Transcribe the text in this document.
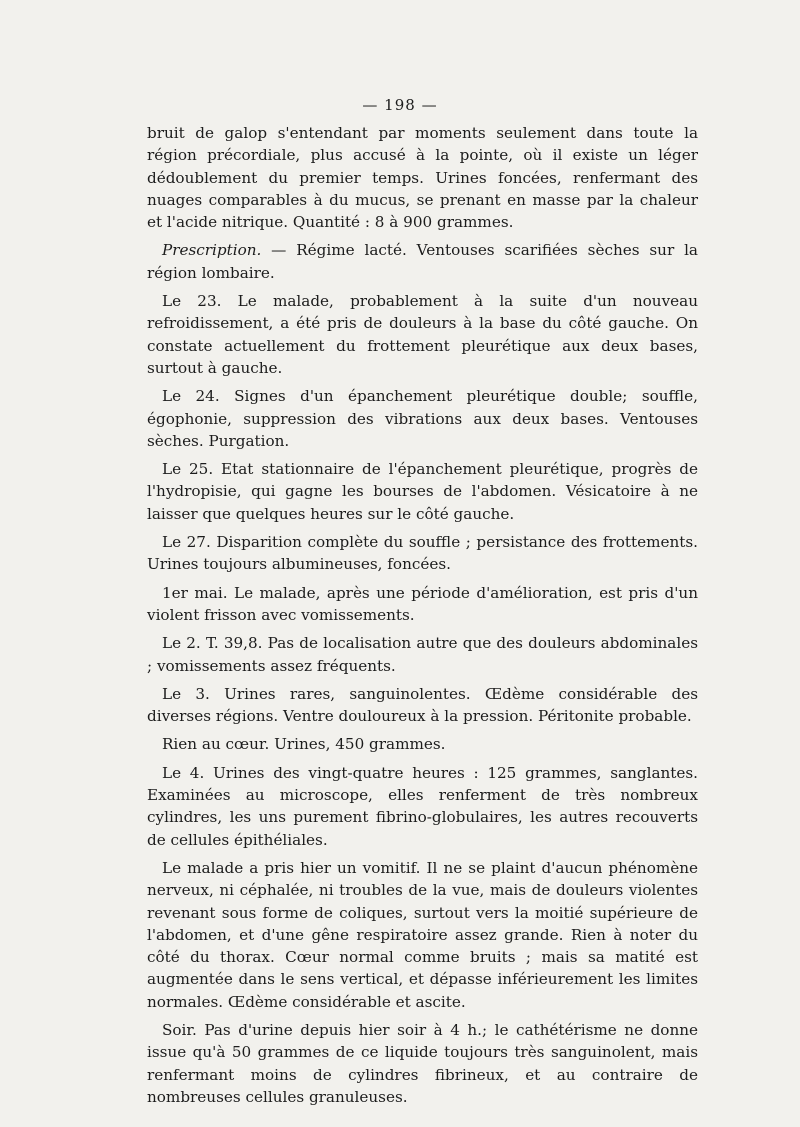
— 198 —

bruit de galop s'entendant par moments seulement dans toute la région précordiale, plus accusé à la pointe, où il existe un léger dédoublement du premier temps. Urines foncées, renfermant des nuages comparables à du mucus, se prenant en masse par la chaleur et l'acide nitrique. Quantité : 8 à 900 grammes.

Prescription. — Régime lacté. Ventouses scarifiées sèches sur la région lombaire.

Le 23. Le malade, probablement à la suite d'un nouveau refroidissement, a été pris de douleurs à la base du côté gauche. On constate actuellement du frottement pleurétique aux deux bases, surtout à gauche.

Le 24. Signes d'un épanchement pleurétique double; souffle, égophonie, suppression des vibrations aux deux bases. Ventouses sèches. Purgation.

Le 25. Etat stationnaire de l'épanchement pleurétique, progrès de l'hydropisie, qui gagne les bourses de l'abdomen. Vésicatoire à ne laisser que quelques heures sur le côté gauche.

Le 27. Disparition complète du souffle ; persistance des frottements. Urines toujours albumineuses, foncées.

1er mai. Le malade, après une période d'amélioration, est pris d'un violent frisson avec vomissements.

Le 2. T. 39,8. Pas de localisation autre que des douleurs abdominales ; vomissements assez fréquents.

Le 3. Urines rares, sanguinolentes. Œdème considérable des diverses régions. Ventre douloureux à la pression. Péritonite probable.

Rien au cœur. Urines, 450 grammes.

Le 4. Urines des vingt-quatre heures : 125 grammes, sanglantes. Examinées au microscope, elles renferment de très nombreux cylindres, les uns purement fibrino-globulaires, les autres recouverts de cellules épithéliales.

Le malade a pris hier un vomitif. Il ne se plaint d'aucun phénomène nerveux, ni céphalée, ni troubles de la vue, mais de douleurs violentes revenant sous forme de coliques, surtout vers la moitié supérieure de l'abdomen, et d'une gêne respiratoire assez grande. Rien à noter du côté du thorax. Cœur normal comme bruits ; mais sa matité est augmentée dans le sens vertical, et dépasse inférieurement les limites normales. Œdème considérable et ascite.

Soir. Pas d'urine depuis hier soir à 4 h.; le cathétérisme ne donne issue qu'à 50 grammes de ce liquide toujours très sanguinolent, mais renfermant moins de cylindres fibrineux, et au contraire de nombreuses cellules granuleuses.
